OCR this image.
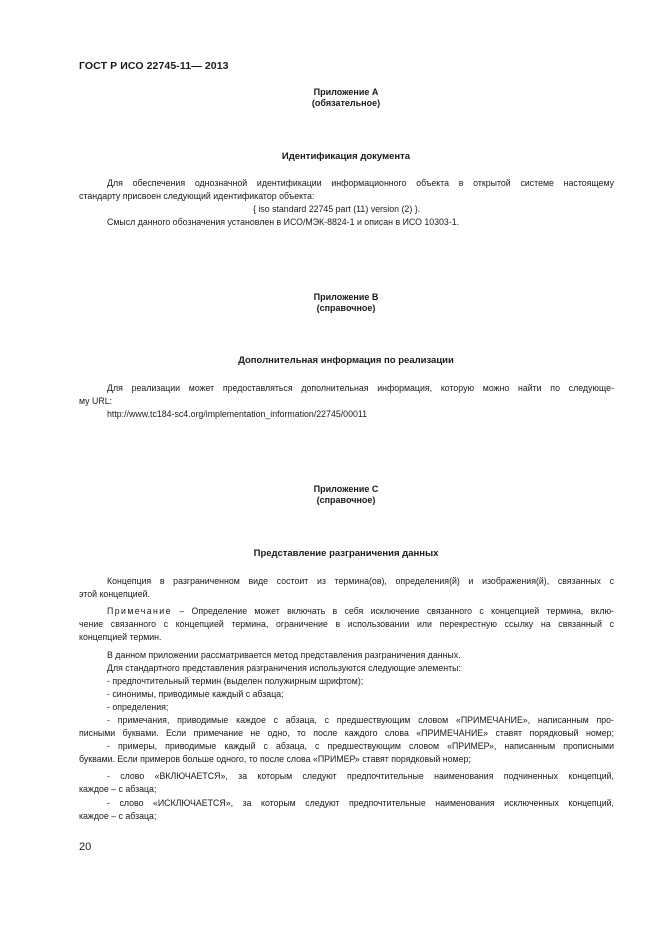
ГОСТ Р ИСО 22745-11— 2013
Приложение А
(обязательное)
Идентификация документа
Для обеспечения однозначной идентификации информационного объекта в открытой системе настоящему
стандарту присвоен следующий идентификатор объекта:
{ iso standard 22745 part (11) version (2) }.
Смысл данного обозначения установлен в ИСО/МЭК-8824-1 и описан в ИСО 10303-1.
Приложение В
(справочное)
Дополнительная информация по реализации
Для реализации может предоставляться дополнительная информация, которую можно найти по следующе-
му URL:
http://www.tc184-sc4.org/implementation_information/22745/00011
Приложение С
(справочное)
Представление разграничения данных
Концепция в разграниченном виде состоит из термина(ов), определения(й) и изображения(й), связанных с
этой концепцией.
Примечание – Определение может включать в себя исключение связанного с концепцией термина, вклю-
чение связанного с концепцией термина, ограничение в использовании или перекрестную ссылку на связанный с
концепцией термин.
В данном приложении рассматривается метод представления разграничения данных.
Для стандартного представления разграничения используются следующие элементы:
- предпочтительный термин (выделен полужирным шрифтом);
- синонимы, приводимые каждый с абзаца;
- определения;
- примечания, приводимые каждое с абзаца, с предшествующим словом «ПРИМЕЧАНИЕ», написанным про-
писными буквами. Если примечание не одно, то после каждого слова «ПРИМЕЧАНИЕ» ставят порядковый номер;
- примеры, приводимые каждый с абзаца, с предшествующим словом «ПРИМЕР», написанным прописными
буквами. Если примеров больше одного, то после слова «ПРИМЕР» ставят порядковый номер;
- слово «ВКЛЮЧАЕТСЯ», за которым следуют предпочтительные наименования подчиненных концепций,
каждое – с абзаца;
- слово «ИСКЛЮЧАЕТСЯ», за которым следуют предпочтительные наименования исключенных концепций,
каждое – с абзаца;
20
